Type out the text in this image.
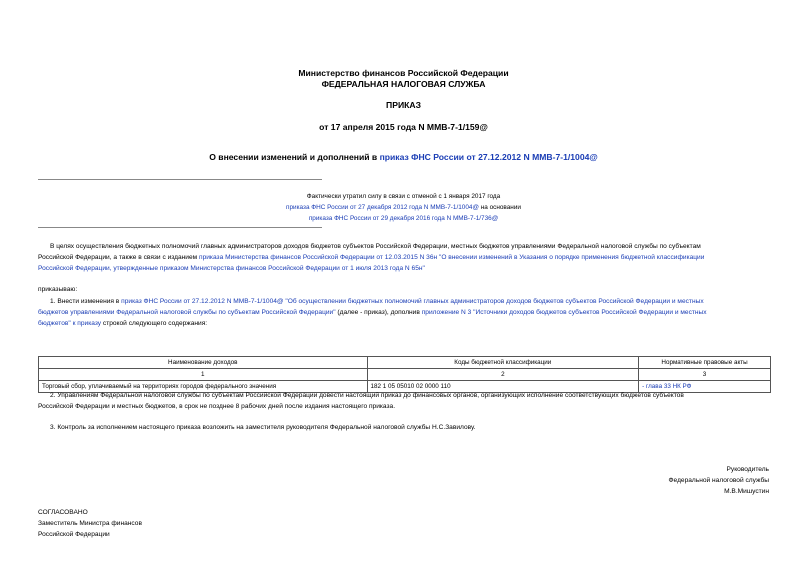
Министерство финансов Российской Федерации
ФЕДЕРАЛЬНАЯ НАЛОГОВАЯ СЛУЖБА
ПРИКАЗ
от 17 апреля 2015 года N ММВ-7-1/159@
О внесении изменений и дополнений в приказ ФНС России от 27.12.2012 N ММВ-7-1/1004@
Фактически утратил силу в связи с отменой с 1 января 2017 года
приказа ФНС России от 27 декабря 2012 года N ММВ-7-1/1004@ на основании
приказа ФНС России от 29 декабря 2016 года N ММВ-7-1/736@
В целях осуществления бюджетных полномочий главных администраторов доходов бюджетов субъектов Российской Федерации, местных бюджетов управлениями Федеральной налоговой службы по субъектам
Российской Федерации, а также в связи с изданием приказа Министерства финансов Российской Федерации от 12.03.2015 N 36н "О внесении изменений в Указания о порядке применения бюджетной классификации
Российской Федерации, утвержденные приказом Министерства финансов Российской Федерации от 1 июля 2013 года N 65н"
приказываю:
1. Внести изменения в приказ ФНС России от 27.12.2012 N ММВ-7-1/1004@ "Об осуществлении бюджетных полномочий главных администраторов доходов бюджетов субъектов Российской Федерации и местных
бюджетов управлениями Федеральной налоговой службы по субъектам Российской Федерации" (далее - приказ), дополнив приложение N 3 "Источники доходов бюджетов субъектов Российской Федерации и местных
бюджетов" к приказу строкой следующего содержания:
Наименование доходов	Коды бюджетной классификации	Нормативные правовые акты
1	2	3
Торговый сбор, уплачиваемый на территориях городов федерального значения	182 1 05 05010 02 0000 110	- глава 33 НК РФ
2. Управлениям Федеральной налоговой службы по субъектам Российской Федерации довести настоящий приказ до финансовых органов, организующих исполнение соответствующих бюджетов субъектов
Российской Федерации и местных бюджетов, в срок не позднее 8 рабочих дней после издания настоящего приказа.
3. Контроль за исполнением настоящего приказа возложить на заместителя руководителя Федеральной налоговой службы Н.С.Завилову.
Руководитель
Федеральной налоговой службы
М.В.Мишустин
СОГЛАСОВАНО
Заместитель Министра финансов
Российской Федерации
